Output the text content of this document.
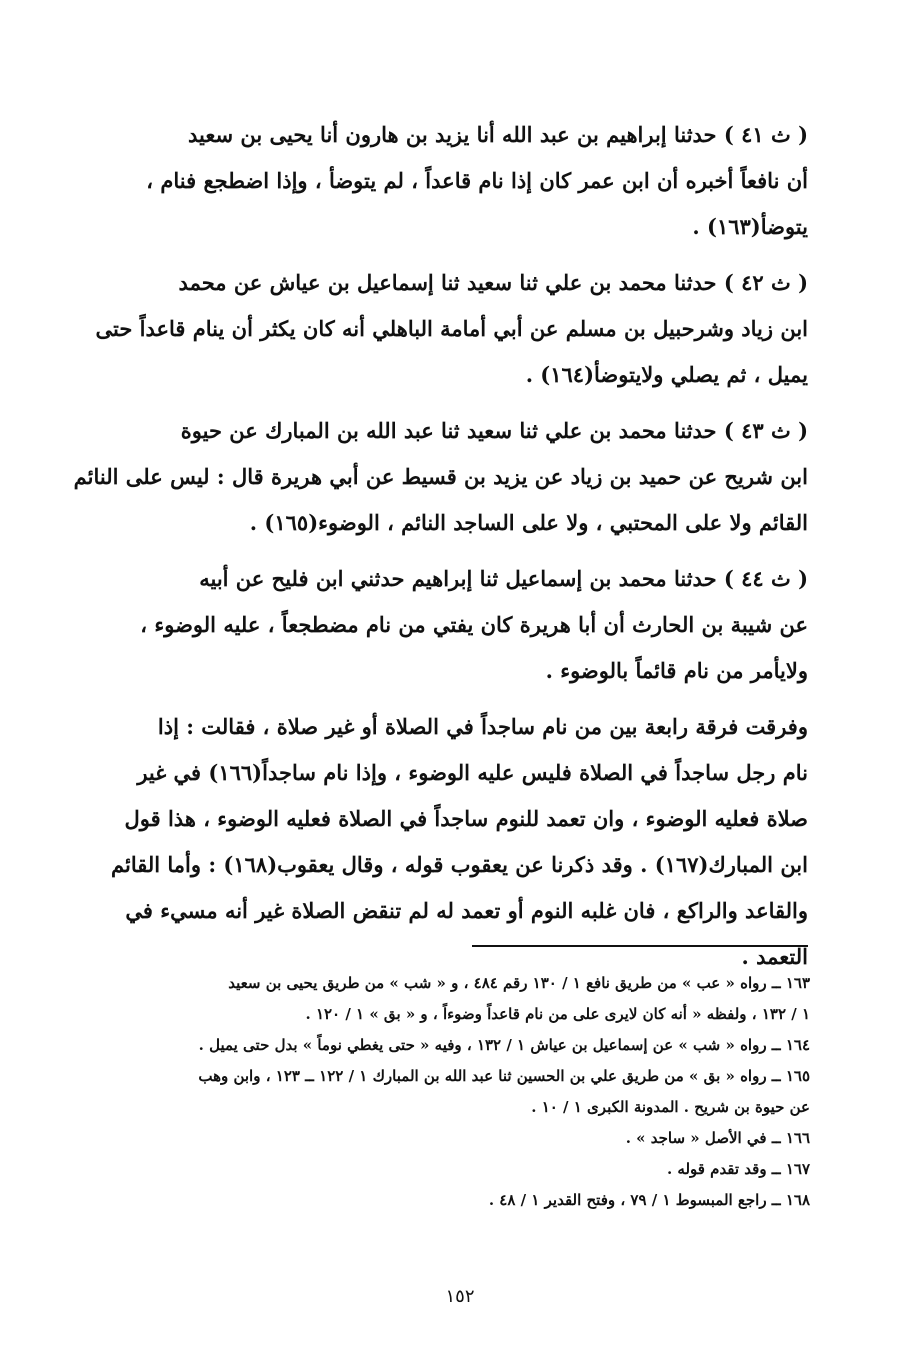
( ث ٤١ ) حدثنا إبراهيم بن عبد الله أنا يزيد بن هارون أنا يحيى بن سعيد
أن نافعاً أخبره أن ابن عمر كان إذا نام قاعداً ، لم يتوضأ ، وإذا اضطجع فنام ،
يتوضأ(١٦٣) .

( ث ٤٢ ) حدثنا محمد بن علي ثنا سعيد ثنا إسماعيل بن عياش عن محمد
ابن زياد وشرحبيل بن مسلم عن أبي أمامة الباهلي أنه كان يكثر أن ينام قاعداً حتى
يميل ، ثم يصلي ولايتوضأ(١٦٤) .

( ث ٤٣ ) حدثنا محمد بن علي ثنا سعيد ثنا عبد الله بن المبارك عن حيوة
ابن شريح عن حميد بن زياد عن يزيد بن قسيط عن أبي هريرة قال : ليس على النائم
القائم ولا على المحتبي ، ولا على الساجد النائم ، الوضوء(١٦٥) .

( ث ٤٤ ) حدثنا محمد بن إسماعيل ثنا إبراهيم حدثني ابن فليح عن أبيه
عن شيبة بن الحارث أن أبا هريرة كان يفتي من نام مضطجعاً ، عليه الوضوء ،
ولايأمر من نام قائماً بالوضوء .

وفرقت فرقة رابعة بين من نام ساجداً في الصلاة أو غير صلاة ، فقالت : إذا
نام رجل ساجداً في الصلاة فليس عليه الوضوء ، وإذا نام ساجداً(١٦٦) في غير
صلاة فعليه الوضوء ، وان تعمد للنوم ساجداً في الصلاة فعليه الوضوء ، هذا قول
ابن المبارك(١٦٧) . وقد ذكرنا عن يعقوب قوله ، وقال يعقوب(١٦٨) : وأما القائم
والقاعد والراكع ، فان غلبه النوم أو تعمد له لم تنقض الصلاة غير أنه مسيء في
التعمد .

١٦٣ ــ رواه « عب » من طريق نافع ١ / ١٣٠ رقم ٤٨٤ ، و « شب » من طريق يحيى بن سعيد
١ / ١٣٢ ، ولفظه « أنه كان لايرى على من نام قاعداً وضوءاً ، و « بق » ١ / ١٢٠ .
١٦٤ ــ رواه « شب » عن إسماعيل بن عياش ١ / ١٣٢ ، وفيه « حتى يغطي نوماً » بدل حتى يميل .
١٦٥ ــ رواه « بق » من طريق علي بن الحسين ثنا عبد الله بن المبارك ١ / ١٢٢ ــ ١٢٣ ، وابن وهب
عن حيوة بن شريح . المدونة الكبرى ١ / ١٠ .
١٦٦ ــ في الأصل « ساجد » .
١٦٧ ــ وقد تقدم قوله .
١٦٨ ــ راجع المبسوط ١ / ٧٩ ، وفتح القدير ١ / ٤٨ .
١٥٢
